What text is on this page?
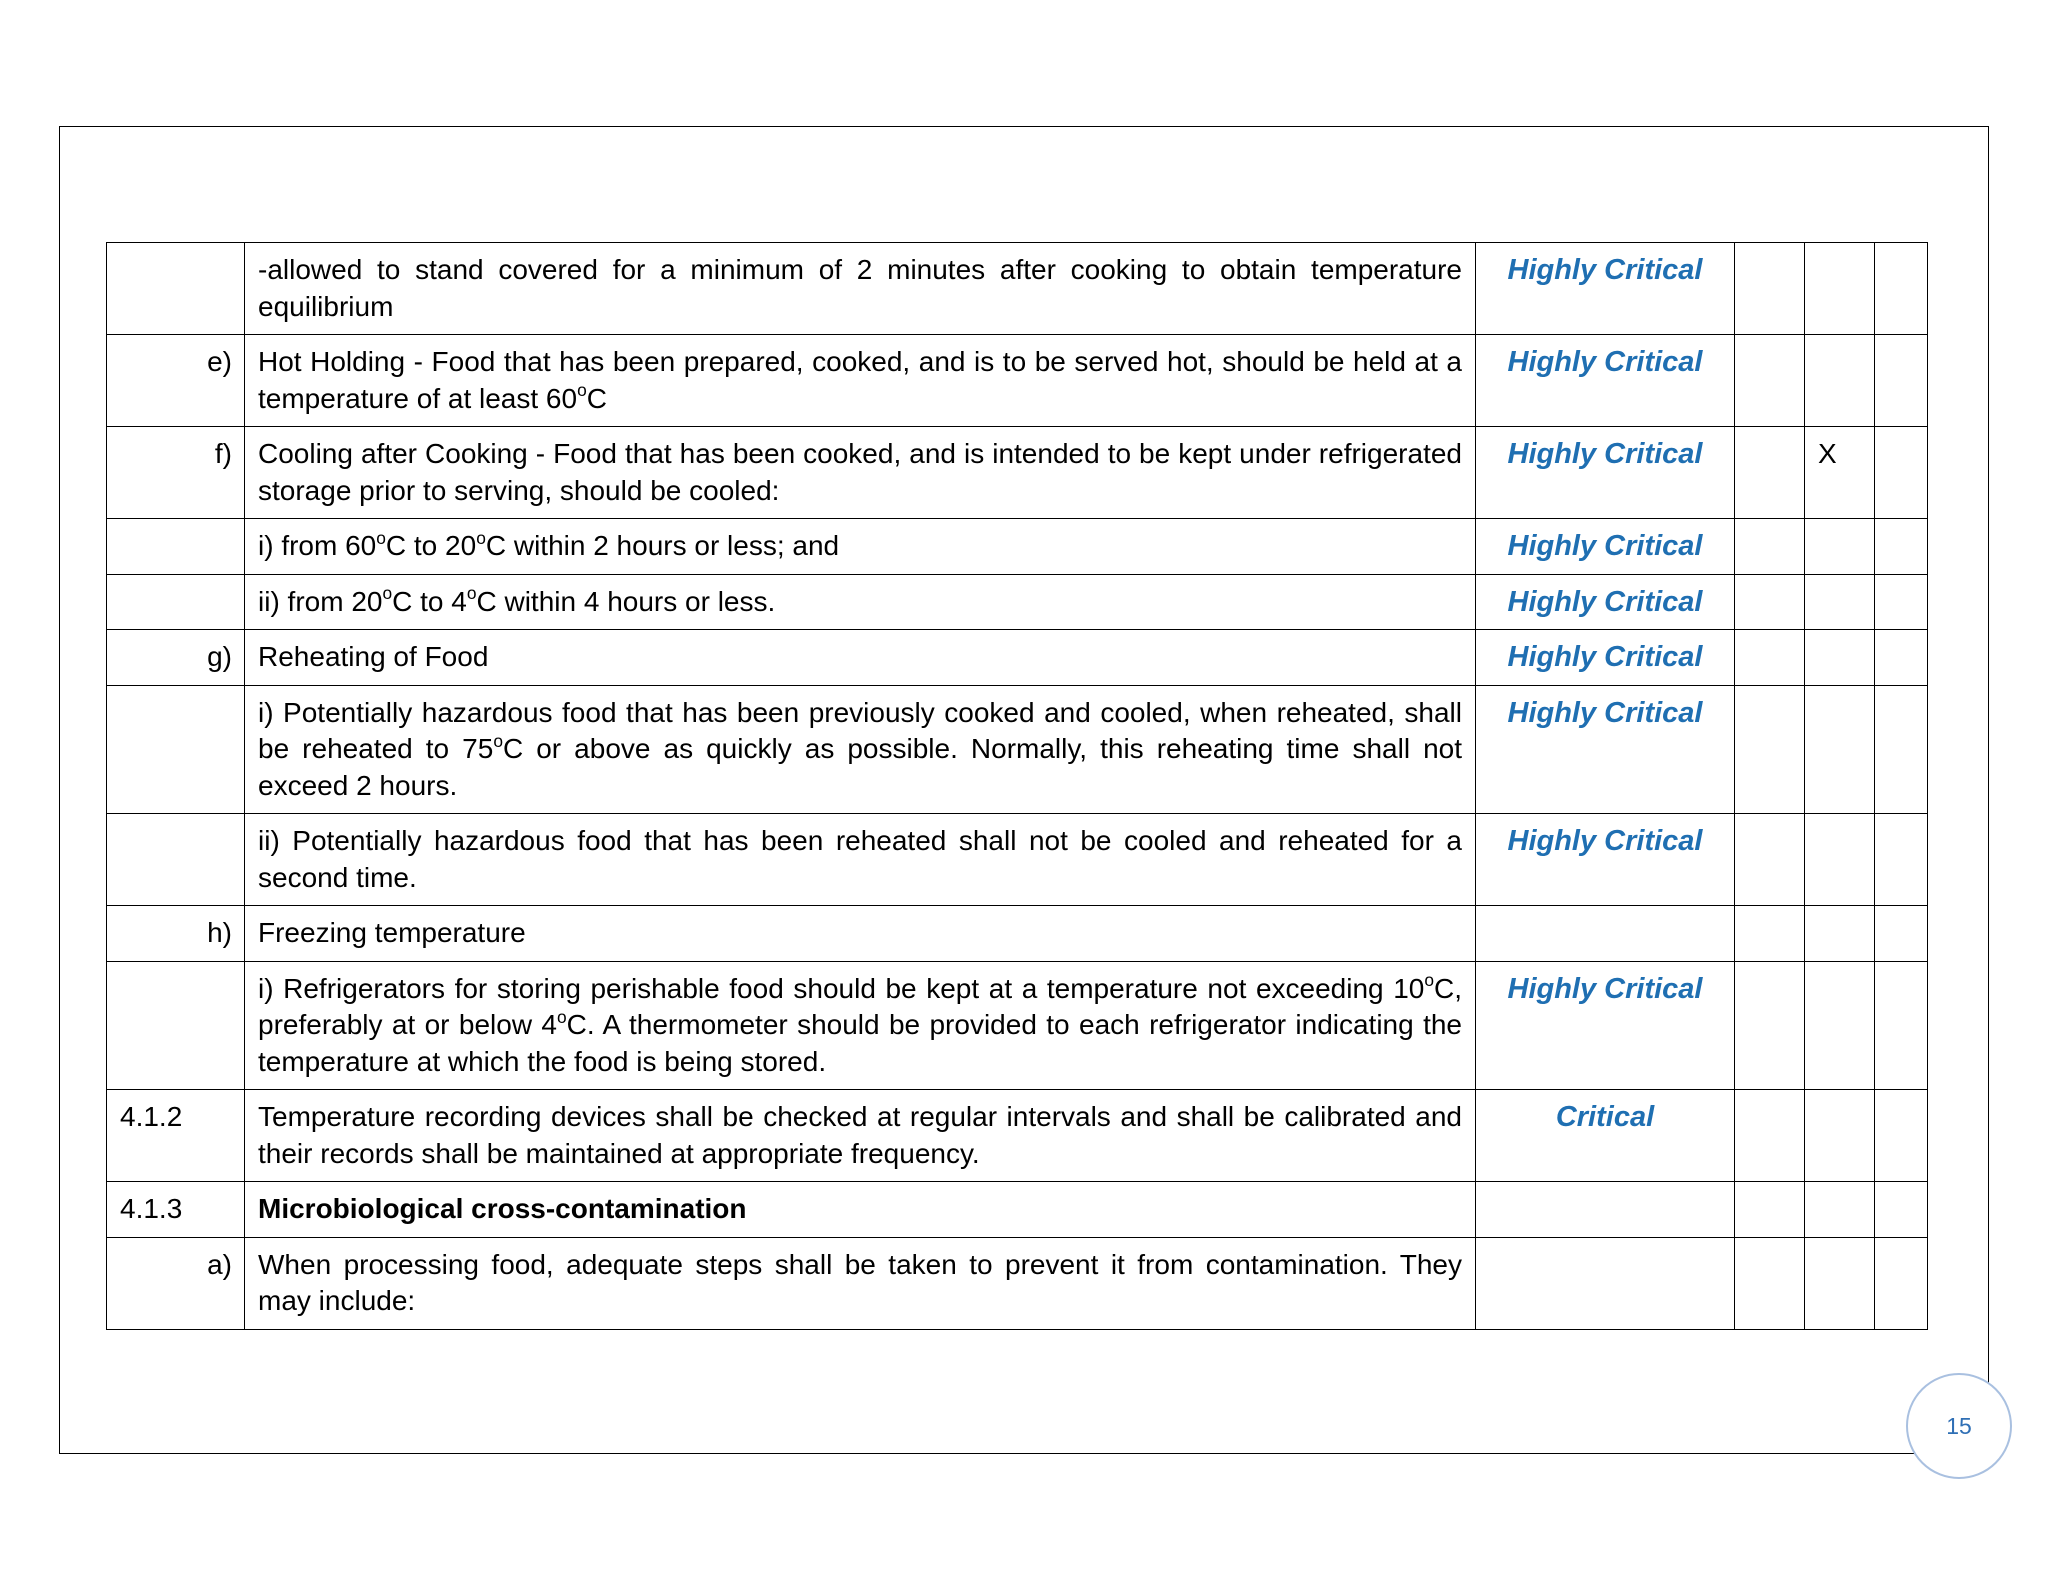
	-allowed to stand covered for a minimum of 2 minutes after cooking to obtain temperature equilibrium	Highly Critical			
e)	Hot Holding - Food that has been prepared, cooked, and is to be served hot, should be held at a temperature of at least 60$^o$C	Highly Critical			
f)	Cooling after Cooking - Food that has been cooked, and is intended to be kept under refrigerated storage prior to serving, should be cooled:	Highly Critical		X	
	i) from 60$^o$C to 20$^o$C within 2 hours or less; and	Highly Critical			
	ii) from 20$^o$C to 4$^o$C within 4 hours or less.	Highly Critical			
g)	Reheating of Food	Highly Critical			
	i) Potentially hazardous food that has been previously cooked and cooled, when reheated, shall be reheated to 75$^o$C or above as quickly as possible. Normally, this reheating time shall not exceed 2 hours.	Highly Critical			
	ii) Potentially hazardous food that has been reheated shall not be cooled and reheated for a second time.	Highly Critical			
h)	Freezing temperature				
	i) Refrigerators for storing perishable food should be kept at a temperature not exceeding 10$^o$C, preferably at or below 4$^o$C. A thermometer should be provided to each refrigerator indicating the temperature at which the food is being stored.	Highly Critical			
4.1.2	Temperature recording devices shall be checked at regular intervals and shall be calibrated and their records shall be maintained at appropriate frequency.	Critical			
4.1.3	Microbiological cross-contamination				
a)	When processing food, adequate steps shall be taken to prevent it from contamination. They may include:				
15
